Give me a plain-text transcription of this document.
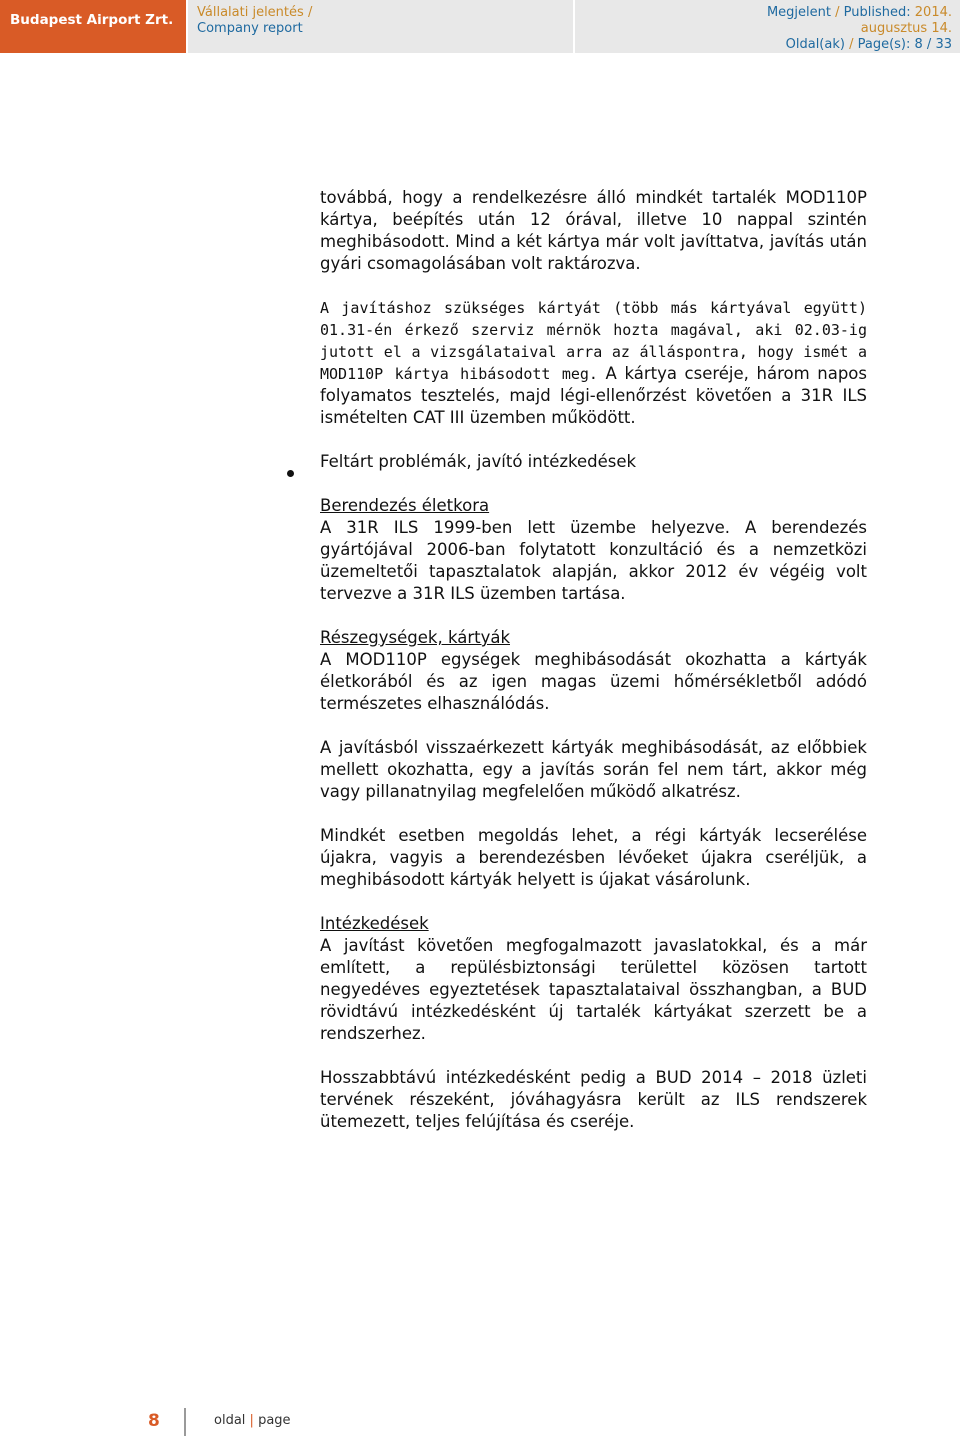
Budapest Airport Zrt.	Vállalati jelentés /
Company report
Megjelent / Published: 2014.
augusztus 14.
Oldal(ak) / Page(s): 8 / 33

továbbá, hogy a rendelkezésre álló mindkét tartalék MOD110P kártya, beépítés után 12 órával, illetve 10 nappal szintén meghibásodott. Mind a két kártya már volt javíttatva, javítás után gyári csomagolásában volt raktározva.

A javításhoz szükséges kártyát (több más kártyával együtt) 01.31-én érkező szerviz mérnök hozta magával, aki 02.03-ig jutott el a vizsgálataival arra az álláspontra, hogy ismét a MOD110P kártya hibásodott meg. A kártya cseréje, három napos folyamatos tesztelés, majd légi-ellenőrzést követően a 31R ILS ismételten CAT III üzemben működött.

Feltárt problémák, javító intézkedések

Berendezés életkora

A 31R ILS 1999-ben lett üzembe helyezve. A berendezés gyártójával 2006-ban folytatott konzultáció és a nemzetközi üzemeltetői tapasztalatok alapján, akkor 2012 év végéig volt tervezve a 31R ILS üzemben tartása.

Részegységek, kártyák

A MOD110P egységek meghibásodását okozhatta a kártyák életkorából és az igen magas üzemi hőmérsékletből adódó természetes elhasználódás.

A javításból visszaérkezett kártyák meghibásodását, az előbbiek mellett okozhatta, egy a javítás során fel nem tárt, akkor még vagy pillanatnyilag megfelelően működő alkatrész.

Mindkét esetben megoldás lehet, a régi kártyák lecserélése újakra, vagyis a berendezésben lévőeket újakra cseréljük, a meghibásodott kártyák helyett is újakat vásárolunk.

Intézkedések

A javítást követően megfogalmazott javaslatokkal, és a már említett, a repülésbiztonsági területtel közösen tartott negyedéves egyeztetések tapasztalataival összhangban, a BUD rövidtávú intézkedésként új tartalék kártyákat szerzett be a rendszerhez.

Hosszabbtávú intézkedésként pedig a BUD 2014 – 2018 üzleti tervének részeként, jóváhagyásra került az ILS rendszerek ütemezett, teljes felújítása és cseréje.

8	oldal | page
